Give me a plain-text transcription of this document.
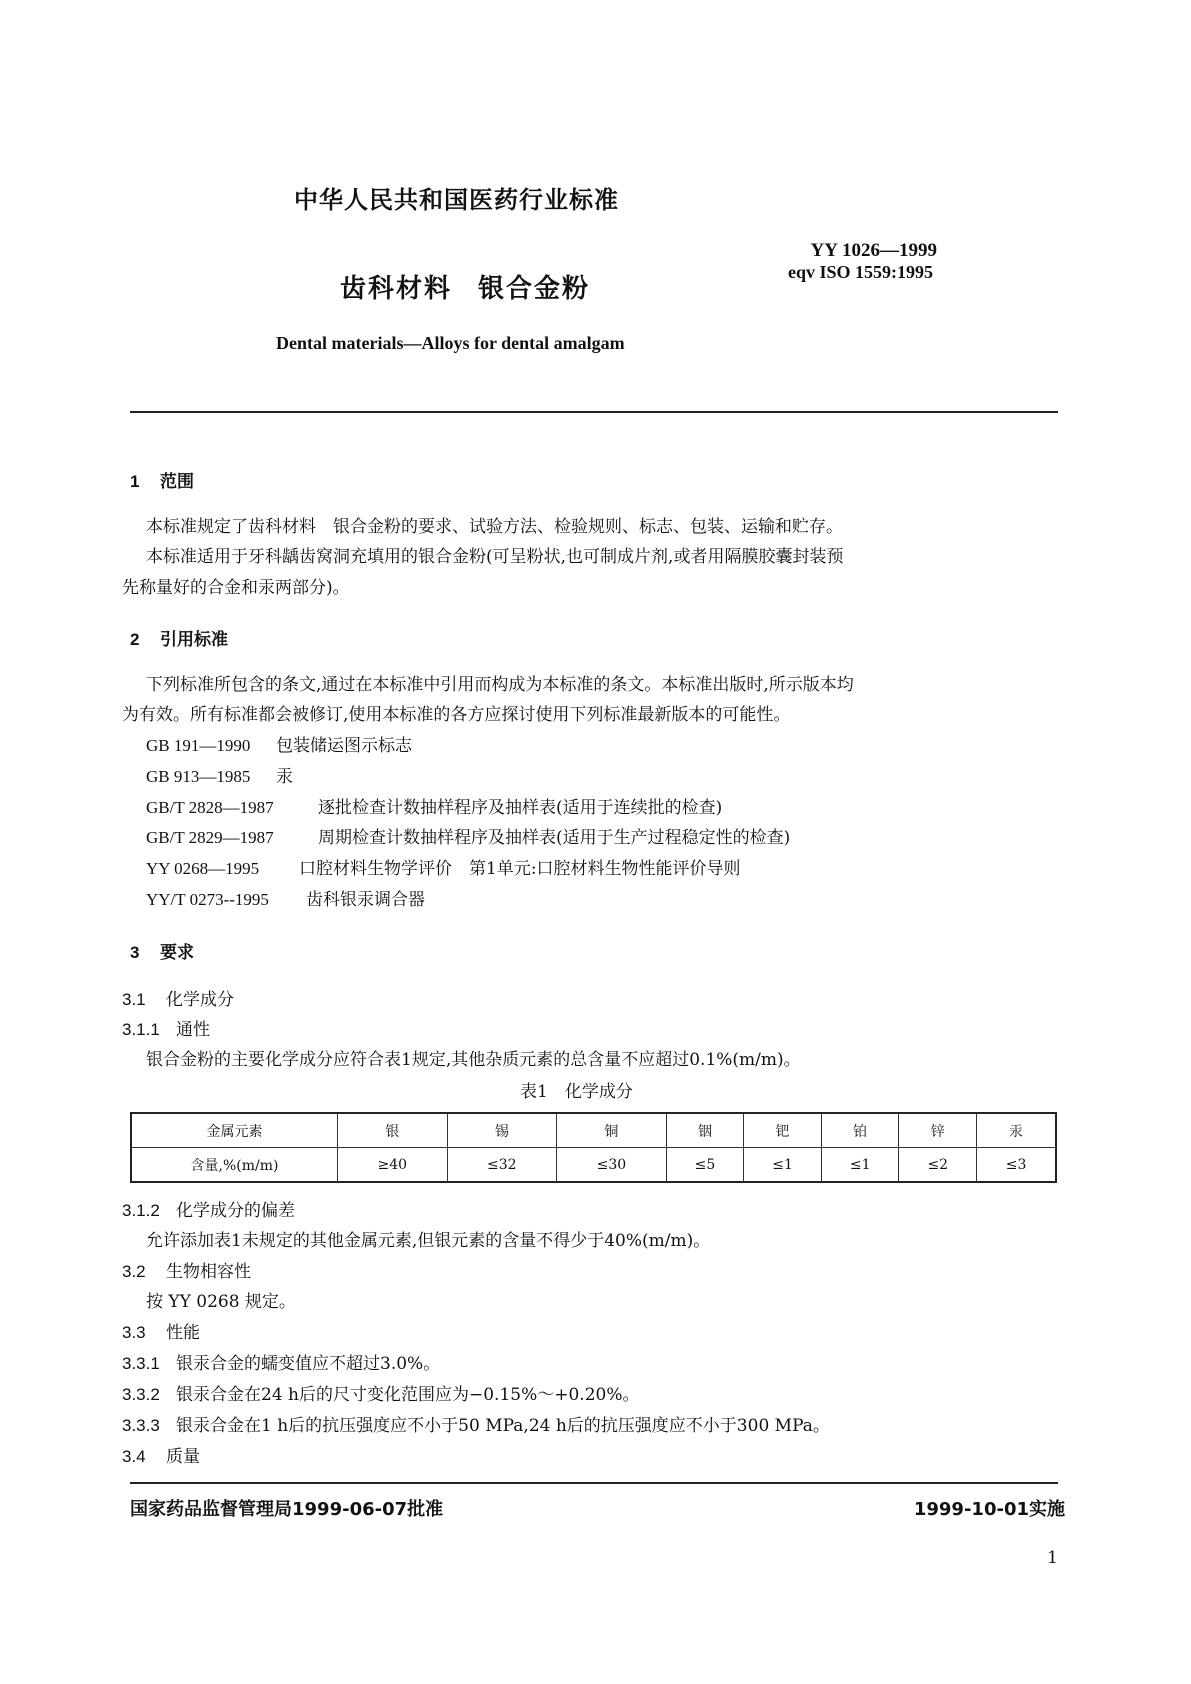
中华人民共和国医药行业标准
YY 1026—1999
eqv ISO 1559:1995
齿科材料 银合金粉
Dental materials—Alloys for dental amalgam
1 范围
本标准规定了齿科材料　银合金粉的要求、试验方法、检验规则、标志、包装、运输和贮存。
本标准适用于牙科龋齿窝洞充填用的银合金粉(可呈粉状,也可制成片剂,或者用隔膜胶囊封装预
先称量好的合金和汞两部分)。
2 引用标准
下列标准所包含的条文,通过在本标准中引用而构成为本标准的条文。本标准出版时,所示版本均
为有效。所有标准都会被修订,使用本标准的各方应探讨使用下列标准最新版本的可能性。
GB 191—1990 包装储运图示标志
GB 913—1985 汞
GB/T 2828—1987	逐批检查计数抽样程序及抽样表(适用于连续批的检查)
GB/T 2829—1987	周期检查计数抽样程序及抽样表(适用于生产过程稳定性的检查)
YY 0268—1995 口腔材料生物学评价　第1单元:口腔材料生物性能评价导则
YY/T 0273--1995 齿科银汞调合器
3 要求
3.1 化学成分
3.1.1 通性
银合金粉的主要化学成分应符合表1规定,其他杂质元素的总含量不应超过0.1%(m/m)。
表1　化学成分
金属元素	银	锡	铜	铟	钯	铂	锌	汞
含量,%(m/m)	≥40	≤32	≤30	≤5	≤1	≤1	≤2	≤3
3.1.2 化学成分的偏差
允许添加表1未规定的其他金属元素,但银元素的含量不得少于40%(m/m)。
3.2 生物相容性
按 YY 0268 规定。
3.3 性能
3.3.1 银汞合金的蠕变值应不超过3.0%。
3.3.2 银汞合金在24 h后的尺寸变化范围应为−0.15%～+0.20%。
3.3.3 银汞合金在1 h后的抗压强度应不小于50 MPa,24 h后的抗压强度应不小于300 MPa。
3.4 质量
国家药品监督管理局1999-06-07批准	1999-10-01实施
1
